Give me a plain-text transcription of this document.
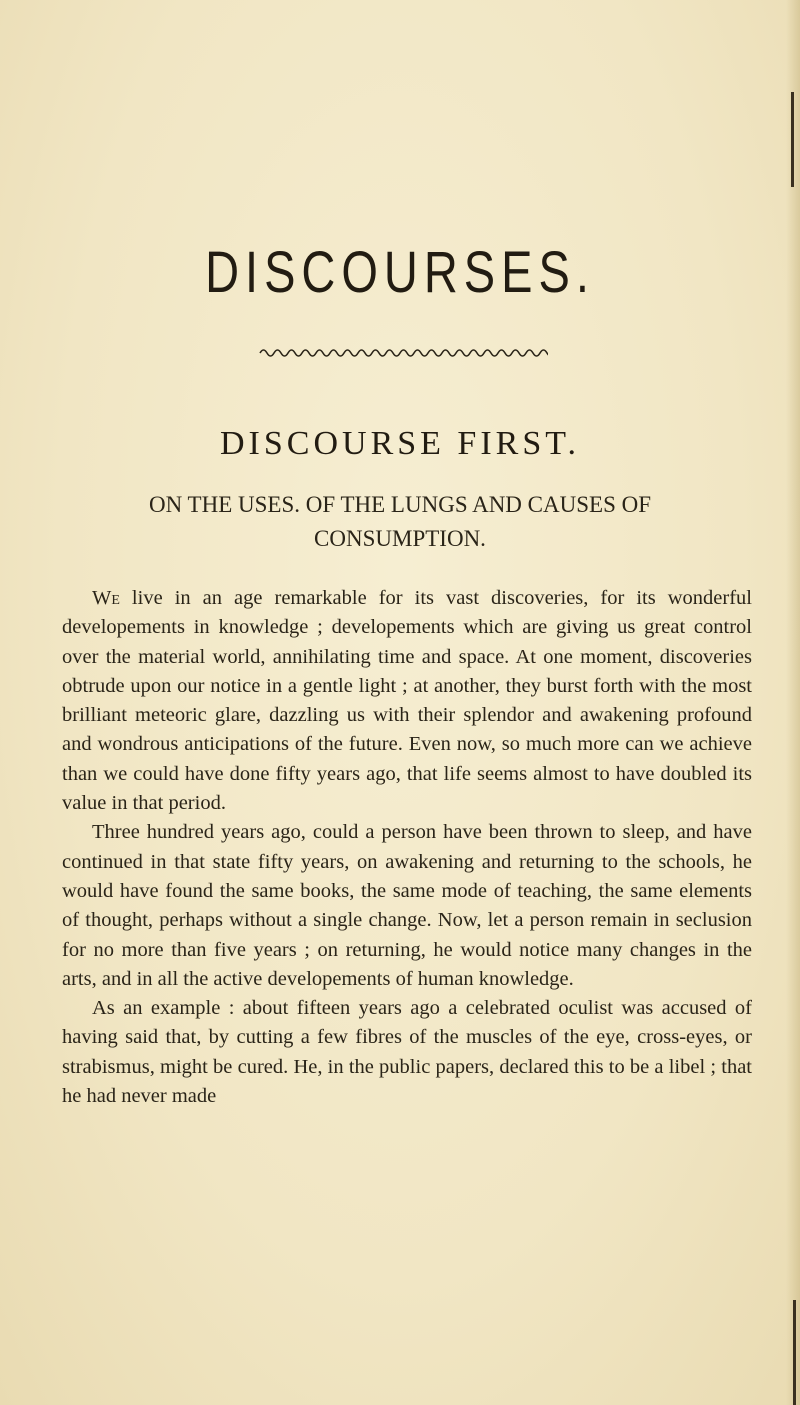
DISCOURSES.
DISCOURSE FIRST.
ON THE USES. OF THE LUNGS AND CAUSES OF
CONSUMPTION.

We live in an age remarkable for its vast discoveries, for its wonderful developements in knowledge ; developements which are giving us great control over the material world, annihilating time and space. At one moment, discoveries obtrude upon our notice in a gentle light ; at another, they burst forth with the most brilliant meteoric glare, dazzling us with their splendor and awakening profound and wondrous anticipations of the future. Even now, so much more can we achieve than we could have done fifty years ago, that life seems almost to have doubled its value in that period.

Three hundred years ago, could a person have been thrown to sleep, and have continued in that state fifty years, on awakening and returning to the schools, he would have found the same books, the same mode of teaching, the same elements of thought, perhaps without a single change. Now, let a person remain in seclusion for no more than five years ; on returning, he would notice many changes in the arts, and in all the active developements of human knowledge.

As an example : about fifteen years ago a celebrated oculist was accused of having said that, by cutting a few fibres of the muscles of the eye, cross-eyes, or strabismus, might be cured. He, in the public papers, declared this to be a libel ; that he had never made
